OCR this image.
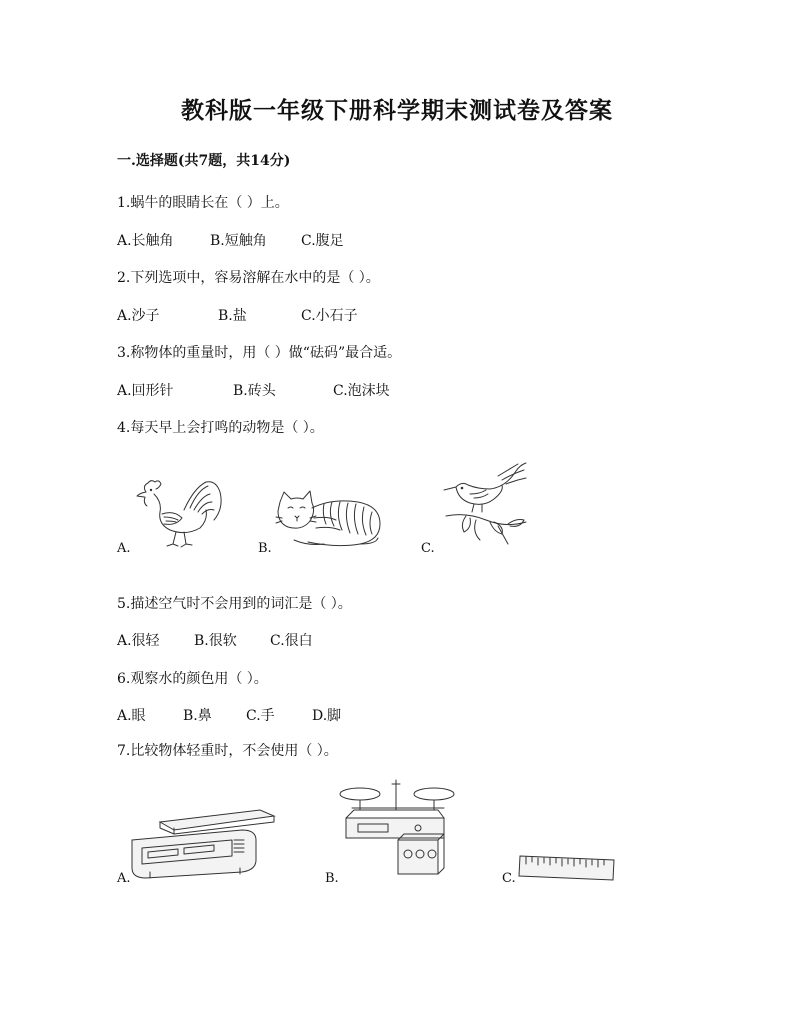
教科版一年级下册科学期末测试卷及答案
一.选择题(共7题，共14分)
1.蜗牛的眼睛长在（ ）上。
A.长触角	B.短触角 C.腹足
2.下列选项中，容易溶解在水中的是（ ）。
A.沙子	B.盐	C.小石子
3.称物体的重量时，用（ ）做“砝码”最合适。
A.回形针	B.砖头	C.泡沫块
4.每天早上会打鸣的动物是（ ）。
A.	B.	C.
5.描述空气时不会用到的词汇是（ ）。
A.很轻 B.很软 C.很白
6.观察水的颜色用（ ）。
A.眼	B.鼻 C.手	D.脚
7.比较物体轻重时，不会使用（ ）。
A.	B.	C.
